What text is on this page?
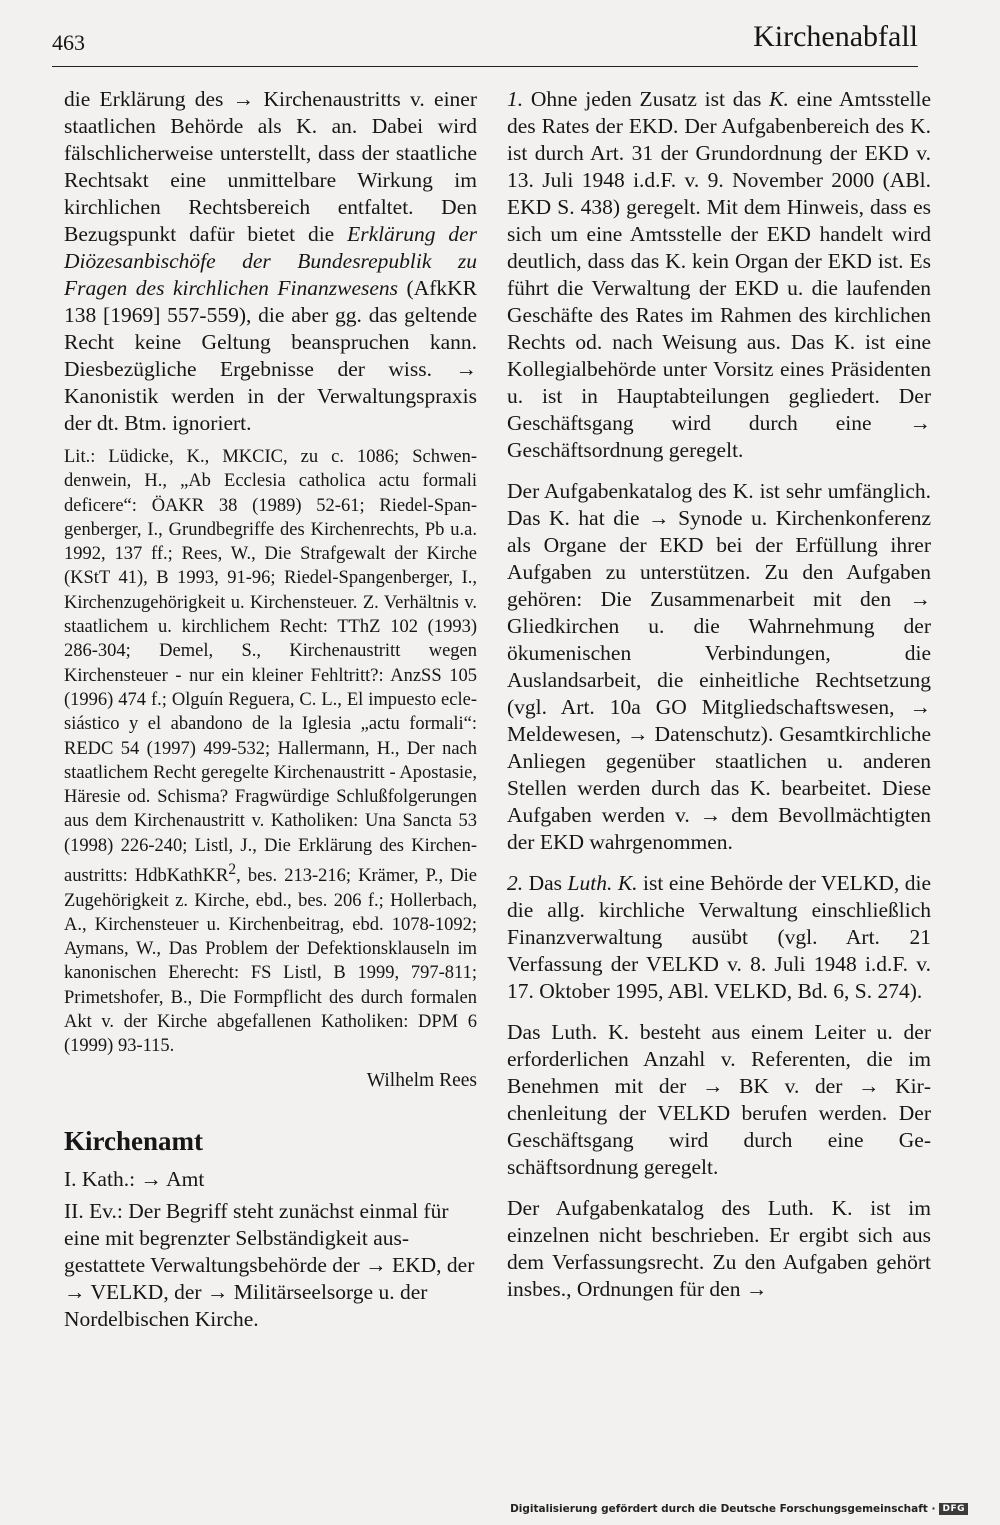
463	Kirchenabfall

die Erklärung des → Kirchenaustritts v. einer staatlichen Behörde als K. an. Dabei wird fälschlicherweise unterstellt, dass der staatliche Rechtsakt eine unmittelbare Wirkung im kirchlichen Rechtsbereich entfaltet. Den Bezugspunkt dafür bietet die Erklärung der Diözesanbischöfe der Bundesrepublik zu Fragen des kirchlichen Finanzwesens (AfkKR 138 [1969] 557-559), die aber gg. das geltende Recht keine Geltung beanspruchen kann. Diesbezügliche Ergebnisse der wiss. → Kanonistik werden in der Verwaltungspraxis der dt. Btm. ignoriert.

Lit.: Lüdicke, K., MKCIC, zu c. 1086; Schwendenwein, H., „Ab Ecclesia catholica actu formali deficere“: ÖAKR 38 (1989) 52-61; Riedel-Spangenberger, I., Grundbegriffe des Kirchenrechts, Pb u.a. 1992, 137 ff.; Rees, W., Die Strafgewalt der Kirche (KStT 41), B 1993, 91-96; Riedel-Spangenberger, I., Kirchenzugehörigkeit u. Kirchensteuer. Z. Verhältnis v. staatlichem u. kirchlichem Recht: TThZ 102 (1993) 286-304; Demel, S., Kirchenaustritt wegen Kirchensteuer - nur ein kleiner Fehltritt?: AnzSS 105 (1996) 474 f.; Olguín Reguera, C. L., El impuesto eclesiástico y el abandono de la Iglesia „actu formali“: REDC 54 (1997) 499-532; Hallermann, H., Der nach staatlichem Recht geregelte Kirchenaustritt - Apostasie, Häresie od. Schisma? Fragwürdige Schlußfolgerungen aus dem Kirchenaustritt v. Katholiken: Una Sancta 53 (1998) 226-240; Listl, J., Die Erklärung des Kirchenaustritts: HdbKathKR$^2$, bes. 213-216; Krämer, P., Die Zugehörigkeit z. Kirche, ebd., bes. 206 f.; Hollerbach, A., Kirchensteuer u. Kirchenbeitrag, ebd. 1078-1092; Aymans, W., Das Problem der Defektionsklauseln im kanonischen Eherecht: FS Listl, B 1999, 797-811; Primetshofer, B., Die Formpflicht des durch formalen Akt v. der Kirche abgefallenen Katholiken: DPM 6 (1999) 93-115.

Wilhelm Rees

Kirchenamt

I. Kath.: → Amt

II. Ev.: Der Begriff steht zunächst einmal für eine mit begrenzter Selbständigkeit ausgestattete Verwaltungsbehörde der → EKD, der → VELKD, der → Militärseelsorge u. der Nordelbischen Kirche.

1. Ohne jeden Zusatz ist das K. eine Amtsstelle des Rates der EKD. Der Aufgabenbereich des K. ist durch Art. 31 der Grundordnung der EKD v. 13. Juli 1948 i.d.F. v. 9. November 2000 (ABl. EKD S. 438) geregelt. Mit dem Hinweis, dass es sich um eine Amtsstelle der EKD handelt wird deutlich, dass das K. kein Organ der EKD ist. Es führt die Verwaltung der EKD u. die laufenden Geschäfte des Rates im Rahmen des kirchlichen Rechts od. nach Weisung aus. Das K. ist eine Kollegialbehörde unter Vorsitz eines Präsidenten u. ist in Hauptabteilungen gegliedert. Der Geschäftsgang wird durch eine → Geschäftsordnung geregelt.

Der Aufgabenkatalog des K. ist sehr umfänglich. Das K. hat die → Synode u. Kirchenkonferenz als Organe der EKD bei der Erfüllung ihrer Aufgaben zu unterstützen. Zu den Aufgaben gehören: Die Zusammenarbeit mit den → Gliedkirchen u. die Wahrnehmung der ökumenischen Verbindungen, die Auslandsarbeit, die einheitliche Rechtsetzung (vgl. Art. 10a GO Mitgliedschaftswesen, → Meldewesen, → Datenschutz). Gesamtkirchliche Anliegen gegenüber staatlichen u. anderen Stellen werden durch das K. bearbeitet. Diese Aufgaben werden v. → dem Bevollmächtigten der EKD wahrgenommen.

2. Das Luth. K. ist eine Behörde der VELKD, die die allg. kirchliche Verwaltung einschließlich Finanzverwaltung ausübt (vgl. Art. 21 Verfassung der VELKD v. 8. Juli 1948 i.d.F. v. 17. Oktober 1995, ABl. VELKD, Bd. 6, S. 274).

Das Luth. K. besteht aus einem Leiter u. der erforderlichen Anzahl v. Referenten, die im Benehmen mit der → BK v. der → Kirchenleitung der VELKD berufen werden. Der Geschäftsgang wird durch eine Geschäftsordnung geregelt.

Der Aufgabenkatalog des Luth. K. ist im einzelnen nicht beschrieben. Er ergibt sich aus dem Verfassungsrecht. Zu den Aufgaben gehört insbes., Ordnungen für den →

Digitalisierung gefördert durch die Deutsche Forschungsgemeinschaft · DFG
